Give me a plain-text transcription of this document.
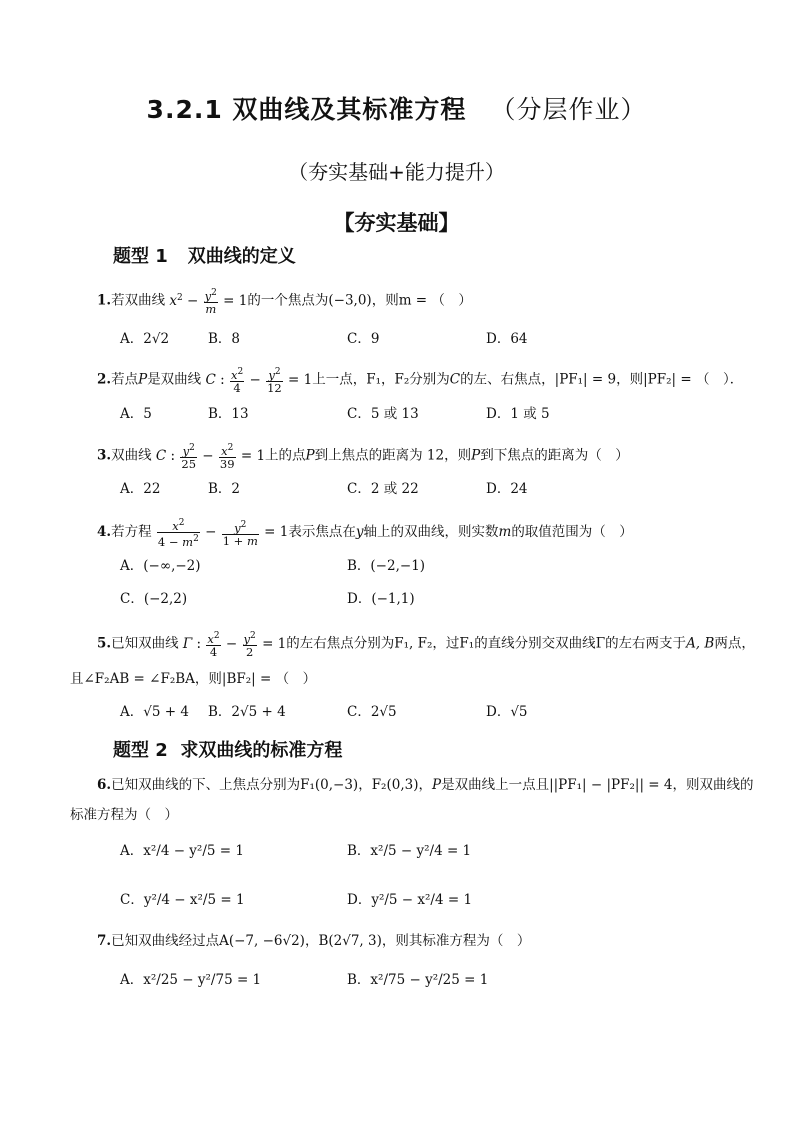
3.2.1 双曲线及其标准方程 （分层作业）
（夯实基础+能力提升）
【夯实基础】
题型 1 双曲线的定义
1.若双曲线 $x^2 - \frac{y^2}{m} = 1$的一个焦点为(−3,0)，则m = （　）
A．2√2	B．8	C．9	D．64
2.若点P是双曲线 C : $\frac{x^2}{4} - \frac{y^2}{12} = 1$上一点，F₁，F₂分别为C的左、右焦点，|PF₁| = 9，则|PF₂| = （　）．
A．5	B．13	C．5 或 13	D．1 或 5
3.双曲线 C : $\frac{y^2}{25} - \frac{x^2}{39} = 1$上的点P到上焦点的距离为 12，则P到下焦点的距离为（　）
A．22	B．2	C．2 或 22	D．24
4.若方程 $\frac{x^2}{4 - m^2} - \frac{y^2}{1 + m} = 1$表示焦点在y轴上的双曲线，则实数m的取值范围为（　）
A．(−∞,−2)	B．(−2,−1)
C．(−2,2)	D．(−1,1)
5.已知双曲线 Γ : $\frac{x^2}{4} - \frac{y^2}{2} = 1$的左右焦点分别为F₁, F₂，过F₁的直线分别交双曲线Γ的左右两支于A, B两点，
且∠F₂AB = ∠F₂BA，则|BF₂| = （　）
A．√5 + 4 B．2√5 + 4	C．2√5	D．√5
题型 2 求双曲线的标准方程
6.已知双曲线的下、上焦点分别为F₁(0,−3)，F₂(0,3)，P是双曲线上一点且||PF₁| − |PF₂|| = 4，则双曲线的
标准方程为（　）
A．x²/4 − y²/5 = 1	B．x²/5 − y²/4 = 1
C．y²/4 − x²/5 = 1	D．y²/5 − x²/4 = 1
7.已知双曲线经过点A(−7, −6√2)，B(2√7, 3)，则其标准方程为（　）
A．x²/25 − y²/75 = 1	B．x²/75 − y²/25 = 1
